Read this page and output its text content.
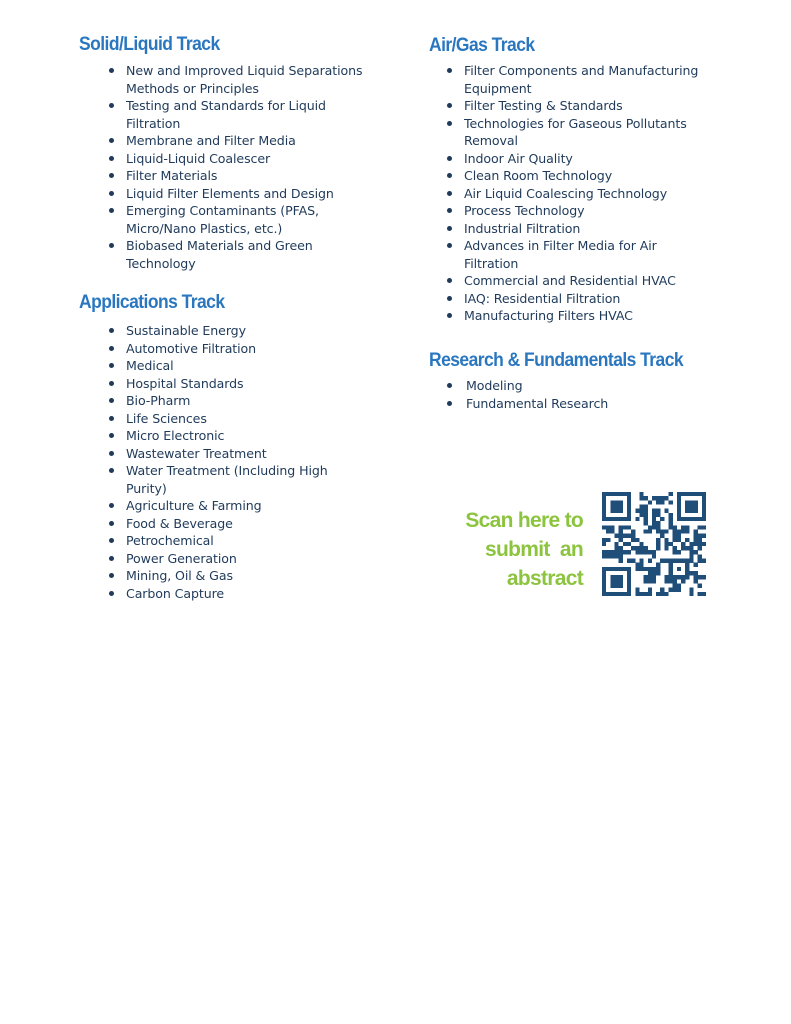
Solid/Liquid Track
New and Improved Liquid Separations Methods or Principles
Testing and Standards for Liquid Filtration
Membrane and Filter Media
Liquid-Liquid Coalescer
Filter Materials
Liquid Filter Elements and Design
Emerging Contaminants (PFAS, Micro/Nano Plastics, etc.)
Biobased Materials and Green Technology
Applications Track
Sustainable Energy
Automotive Filtration
Medical
Hospital Standards
Bio-Pharm
Life Sciences
Micro Electronic
Wastewater Treatment
Water Treatment (Including High Purity)
Agriculture & Farming
Food & Beverage
Petrochemical
Power Generation
Mining, Oil & Gas
Carbon Capture
Air/Gas Track
Filter Components and Manufacturing Equipment
Filter Testing & Standards
Technologies for Gaseous Pollutants Removal
Indoor Air Quality
Clean Room Technology
Air Liquid Coalescing Technology
Process Technology
Industrial Filtration
Advances in Filter Media for Air Filtration
Commercial and Residential HVAC
IAQ: Residential Filtration
Manufacturing Filters HVAC
Research & Fundamentals Track
Modeling
Fundamental Research
Scan here to
submit  an
abstract
